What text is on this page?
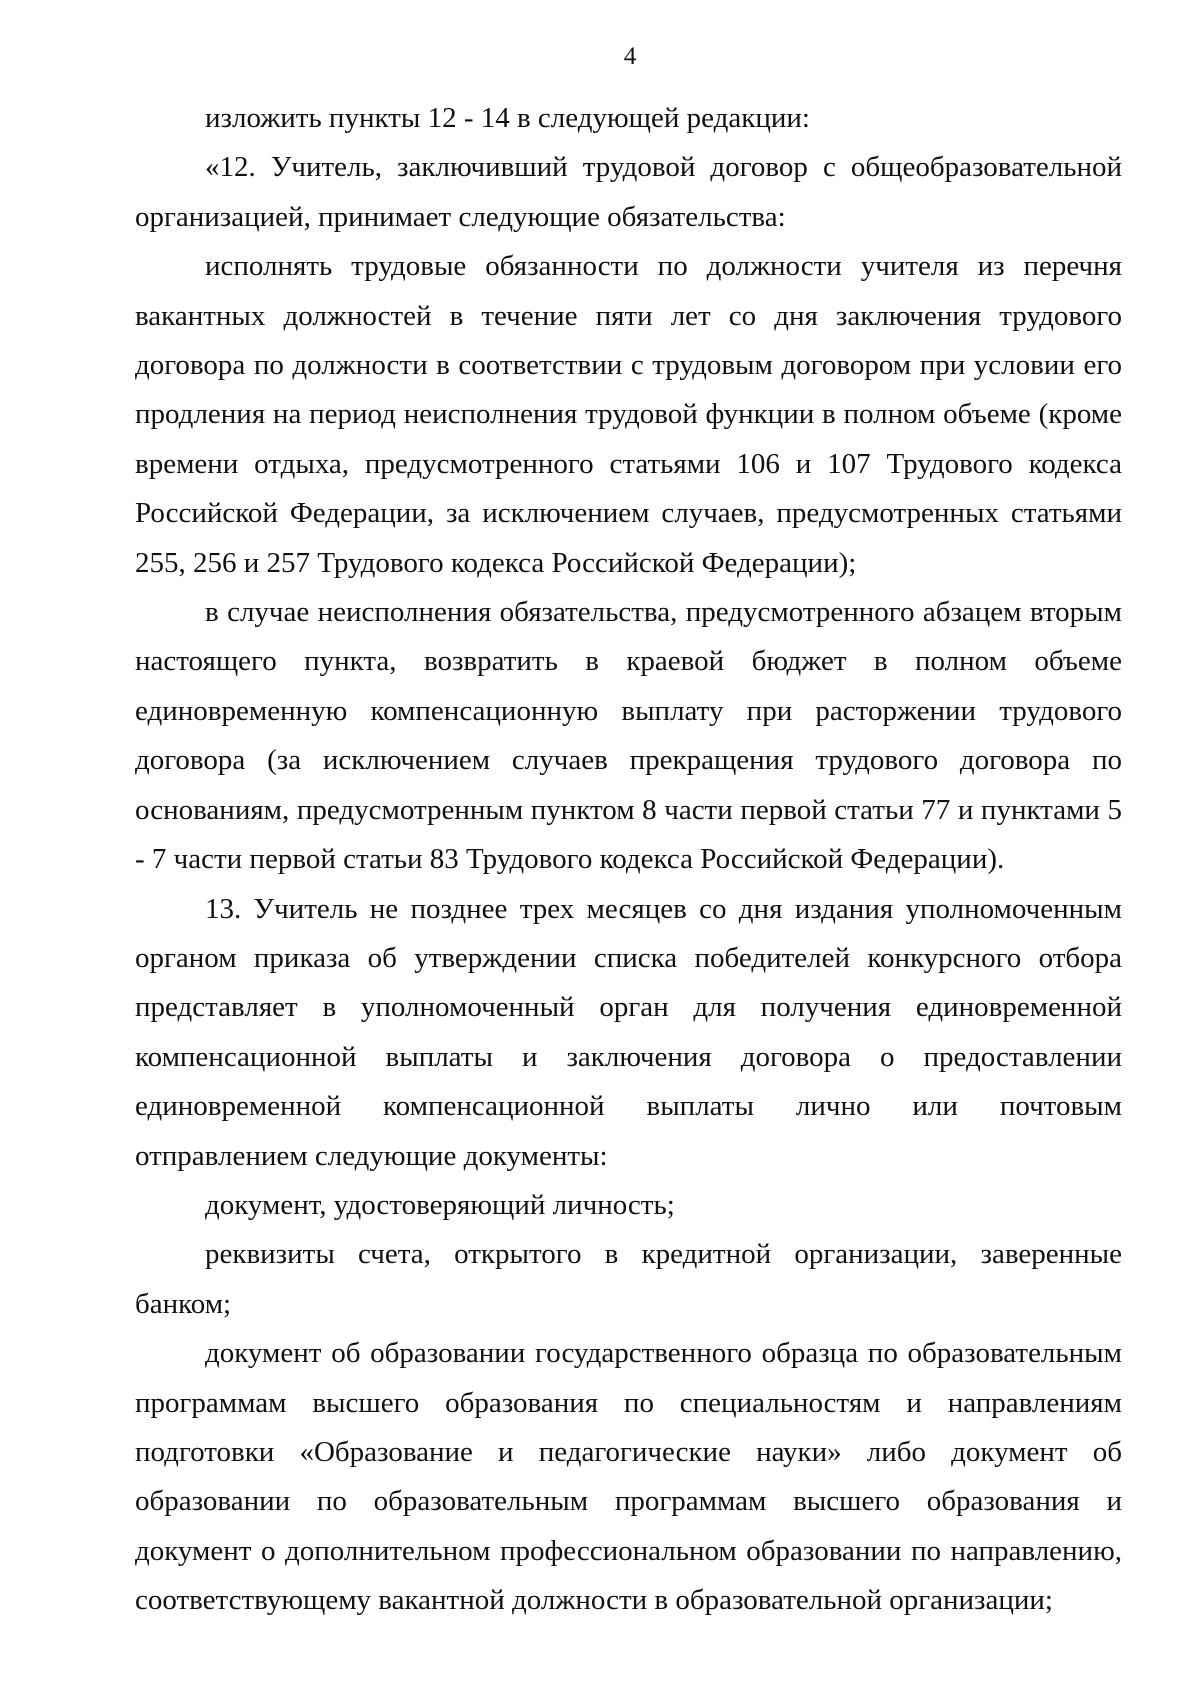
4

изложить пункты 12 - 14 в следующей редакции:

«12. Учитель, заключивший трудовой договор с общеобразовательной организацией, принимает следующие обязательства:

исполнять трудовые обязанности по должности учителя из перечня вакантных должностей в течение пяти лет со дня заключения трудового договора по должности в соответствии с трудовым договором при условии его продления на период неисполнения трудовой функции в полном объеме (кроме времени отдыха, предусмотренного статьями 106 и 107 Трудового кодекса Российской Федерации, за исключением случаев, предусмотренных статьями 255, 256 и 257 Трудового кодекса Российской Федерации);

в случае неисполнения обязательства, предусмотренного абзацем вторым настоящего пункта, возвратить в краевой бюджет в полном объеме единовременную компенсационную выплату при расторжении трудового договора (за исключением случаев прекращения трудового договора по основаниям, предусмотренным пунктом 8 части первой статьи 77 и пунктами 5 - 7 части первой статьи 83 Трудового кодекса Российской Федерации).

13. Учитель не позднее трех месяцев со дня издания уполномоченным органом приказа об утверждении списка победителей конкурсного отбора представляет в уполномоченный орган для получения единовременной компенсационной выплаты и заключения договора о предоставлении единовременной компенсационной выплаты лично или почтовым отправлением следующие документы:

документ, удостоверяющий личность;

реквизиты счета, открытого в кредитной организации, заверенные банком;

документ об образовании государственного образца по образовательным программам высшего образования по специальностям и направлениям подготовки «Образование и педагогические науки» либо документ об образовании по образовательным программам высшего образования и документ о дополнительном профессиональном образовании по направлению, соответствующему вакантной должности в образовательной организации;
